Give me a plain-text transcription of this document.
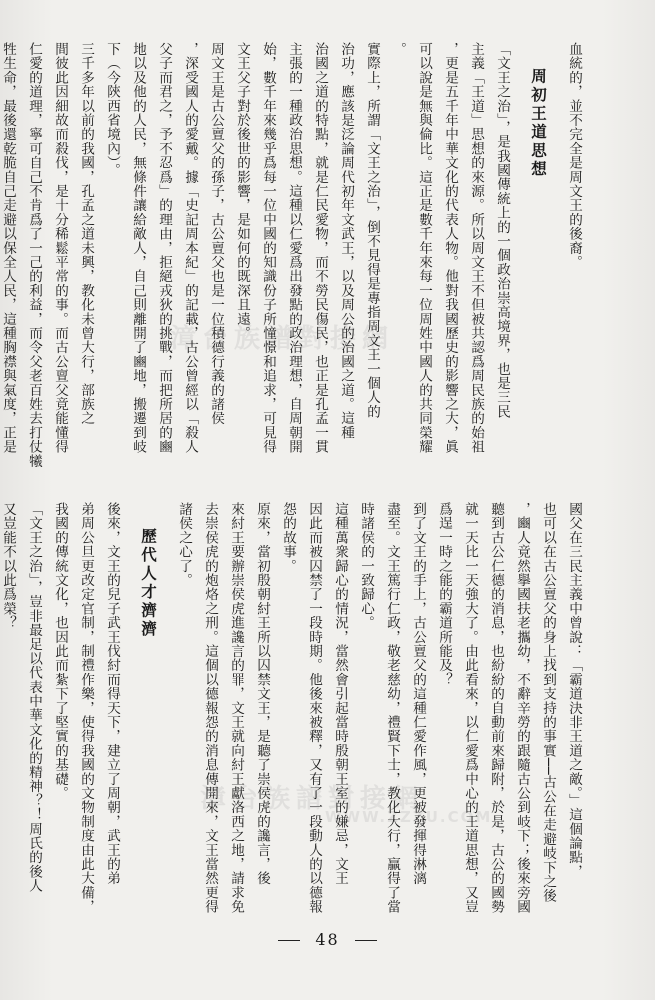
漳台族譜對接網
漳台族譜對接網
WWW.ZZZU.COM
血統的，並不完全是周文王的後裔。
周初王道思想
「文王之治」，是我國傳統上的一個政治崇高境界，也是三民
主義「王道」思想的來源。所以周文王不但被共認爲周民族的始祖
，更是五千年中華文化的代表人物。他對我國歷史的影響之大，眞
可以說是無與倫比。這正是數千年來每一位周姓中國人的共同榮耀
。
實際上，所謂「文王之治」，倒不見得是專指周文王一個人的
治功，應該是泛論周代初年文武王，以及周公的治國之道。這種
治國之道的特點，就是仁民愛物，而不勞民傷民，也正是孔孟一貫
主張的一種政治思想。這種以仁愛爲出發點的政治理想，自周朝開
始，數千年來幾乎爲每一位中國的知識份子所憧憬和追求，可見得
文王父子對於後世的影響，是如何的既深且遠。
周文王是古公亶父的孫子，古公亶父也是一位積德行義的諸侯
，深受國人的愛戴。據「史記周本紀」的記載，古公曾經以「殺人
父子而君之，予不忍爲」的理由，拒絕戎狄的挑戰，而把所居的豳
地以及他的人民，無條件讓給敵人，自己則離開了豳地，搬遷到岐
下（今陝西省境內）。
三千多年以前的我國，孔孟之道未興，教化未曾大行，部族之
間彼此因細故而殺伐，是十分稀鬆平常的事。而古公亶父竟能懂得
仁愛的道理，寧可自己不肯爲了一己的利益，而令父老百姓去打仗犧
牲生命，最後還乾脆自己走避以保全人民，這種胸襟與氣度，正是
國父在三民主義中曾說：「霸道決非王道之敵。」這個論點，
也可以在古公亶父的身上找到支持的事實──古公在走避岐下之後
，豳人竟然擧國扶老攜幼，不辭辛勞的跟隨古公到岐下；後來旁國
聽到古公仁德的消息，也紛紛的自動前來歸附，於是，古公的國勢
就一天比一天強大了。由此看來，以仁愛爲中心的王道思想，又豈
爲逞一時之能的霸道所能及？
到了文王的手上，古公亶父的這種仁愛作風，更被發揮得淋漓
盡至。文王篤行仁政，敬老慈幼，禮賢下士，教化大行，贏得了當
時諸侯的一致歸心。
這種萬衆歸心的情況，當然會引起當時殷朝王室的嫌忌，文王
因此而被囚禁了一段時期。他後來被釋，又有了一段動人的以德報
怨的故事。
原來，當初殷朝紂王所以囚禁文王，是聽了崇侯虎的讒言，後
來紂王要辦崇侯虎進讒言的罪，文王就向紂王獻洛西之地，請求免
去崇侯虎的炮烙之刑。這個以德報怨的消息傳開來，文王當然更得
諸侯之心了。
歷代人才濟濟
後來，文王的兒子武王伐紂而得天下，建立了周朝，武王的弟
弟周公旦更改定官制，制禮作樂，使得我國的文物制度由此大備，
我國的傳統文化，也因此而紮下了堅實的基礎。
「文王之治」，豈非最足以代表中華文化的精神？！周氏的後人
又豈能不以此爲榮？
48
